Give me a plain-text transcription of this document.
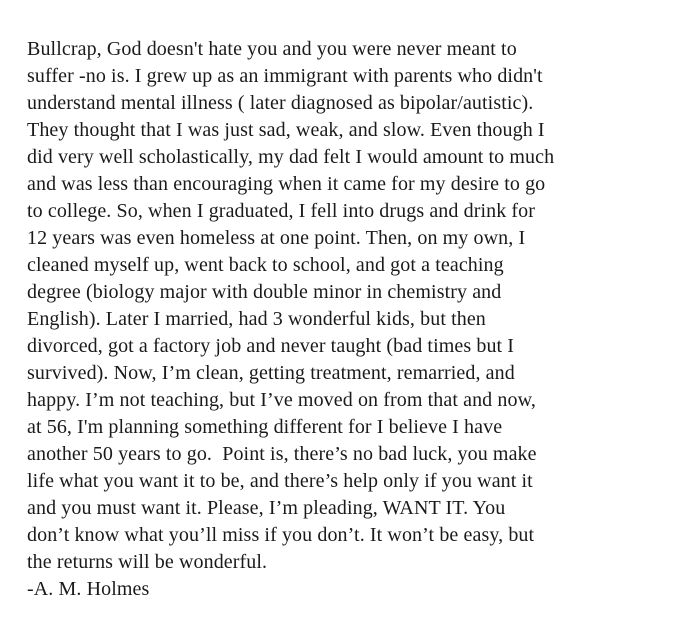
Bullcrap, God doesn't hate you and you were never meant to
suffer -no is. I grew up as an immigrant with parents who didn't
understand mental illness ( later diagnosed as bipolar/autistic).
They thought that I was just sad, weak, and slow. Even though I
did very well scholastically, my dad felt I would amount to much
and was less than encouraging when it came for my desire to go
to college. So, when I graduated, I fell into drugs and drink for
12 years was even homeless at one point. Then, on my own, I
cleaned myself up, went back to school, and got a teaching
degree (biology major with double minor in chemistry and
English). Later I married, had 3 wonderful kids, but then
divorced, got a factory job and never taught (bad times but I
survived). Now, I’m clean, getting treatment, remarried, and
happy. I’m not teaching, but I’ve moved on from that and now,
at 56, I'm planning something different for I believe I have
another 50 years to go.  Point is, there’s no bad luck, you make
life what you want it to be, and there’s help only if you want it
and you must want it. Please, I’m pleading, WANT IT. You
don’t know what you’ll miss if you don’t. It won’t be easy, but
the returns will be wonderful.
-A. M. Holmes
